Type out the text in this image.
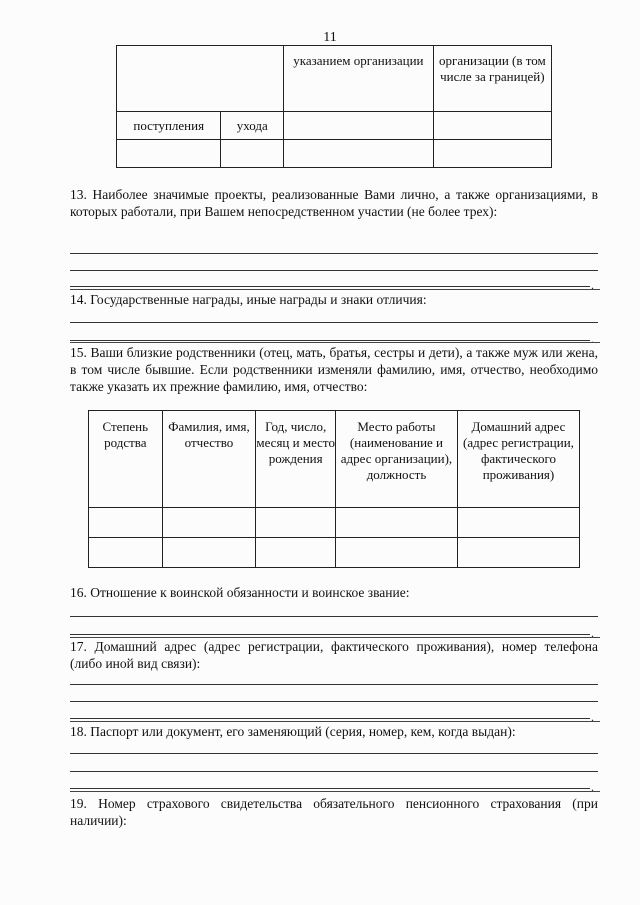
11
		указанием организации	организации (в том числе за границей)
поступления	ухода		

13. Наиболее значимые проекты, реализованные Вами лично, а также организациями, в которых работали, при Вашем непосредственном участии (не более трех):
.
14. Государственные награды, иные награды и знаки отличия:
.
15. Ваши близкие родственники (отец, мать, братья, сестры и дети), а также муж или жена, в том числе бывшие. Если родственники изменяли фамилию, имя, отчество, необходимо также указать их прежние фамилию, имя, отчество:
Степень родства	Фамилия, имя, отчество	Год, число, месяц и место рождения	Место работы (наименование и адрес организации), должность	Домашний адрес (адрес регистрации, фактического проживания)

16. Отношение к воинской обязанности и воинское звание:
.
17. Домашний адрес (адрес регистрации, фактического проживания), номер телефона (либо иной вид связи):
.
18. Паспорт или документ, его заменяющий (серия, номер, кем, когда выдан):
.
19. Номер страхового свидетельства обязательного пенсионного страхования (при наличии):
